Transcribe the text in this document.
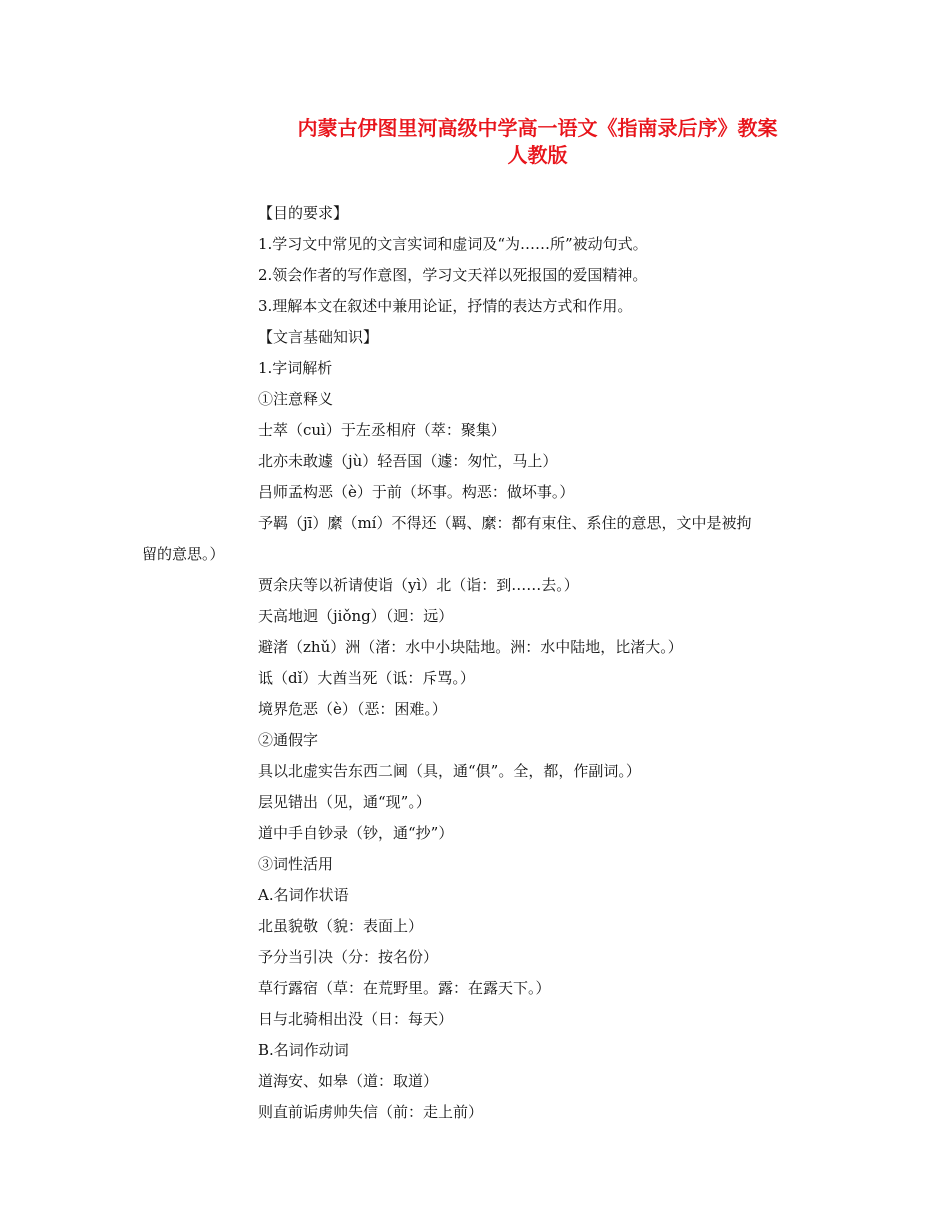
内蒙古伊图里河高级中学高一语文《指南录后序》教案
人教版

【目的要求】

1.学习文中常见的文言实词和虚词及“为……所”被动句式。

2.领会作者的写作意图，学习文天祥以死报国的爱国精神。

3.理解本文在叙述中兼用论证，抒情的表达方式和作用。

【文言基础知识】

1.字词解析

①注意释义

士萃（cuì）于左丞相府（萃：聚集）

北亦未敢遽（jù）轻吾国（遽：匆忙，马上）

吕师孟构恶（è）于前（坏事。构恶：做坏事。）

予羁（jī）縻（mí）不得还（羁、縻：都有束住、系住的意思，文中是被拘

留的意思。）

贾余庆等以祈请使诣（yì）北（诣：到……去。）

天高地迥（jiǒng）（迥：远）

避渚（zhǔ）洲（渚：水中小块陆地。洲：水中陆地，比渚大。）

诋（dǐ）大酋当死（诋：斥骂。）

境界危恶（è）（恶：困难。）

②通假字

具以北虚实告东西二阃（具，通“俱”。全，都，作副词。）

层见错出（见，通“现”。）

道中手自钞录（钞，通“抄”）

③词性活用

A.名词作状语

北虽貌敬（貌：表面上）

予分当引决（分：按名份）

草行露宿（草：在荒野里。露：在露天下。）

日与北骑相出没（日：每天）

B.名词作动词

道海安、如皋（道：取道）

则直前诟虏帅失信（前：走上前）
